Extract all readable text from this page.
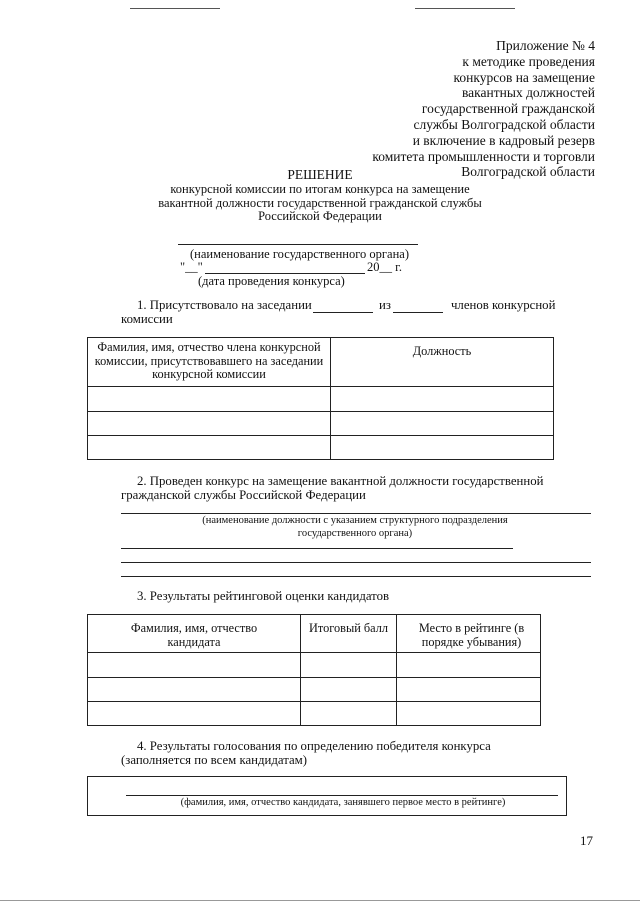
Приложение № 4
к методике проведения
конкурсов на замещение
вакантных должностей
государственной гражданской
службы Волгоградской области
и включение в кадровый резерв
комитета промышленности и торговли
Волгоградской области
РЕШЕНИЕ
конкурсной комиссии по итогам конкурса на замещение
вакантной должности государственной гражданской службы
Российской Федерации
(наименование государственного органа)
"__"	20__ г.
(дата проведения конкурса)
1. Присутствовало на заседании	из	членов конкурсной
комиссии
Фамилия, имя, отчество члена конкурсной комиссии, присутствовавшего на заседании конкурсной комиссии	Должность

2. Проведен конкурс на замещение вакантной должности государственной
гражданской службы Российской Федерации
(наименование должности с указанием структурного подразделения
государственного органа)
3. Результаты рейтинговой оценки кандидатов
Фамилия, имя, отчество кандидата	Итоговый балл	Место в рейтинге (в порядке убывания)

4. Результаты голосования по определению победителя конкурса
(заполняется по всем кандидатам)
(фамилия, имя, отчество кандидата, занявшего первое место в рейтинге)
17
